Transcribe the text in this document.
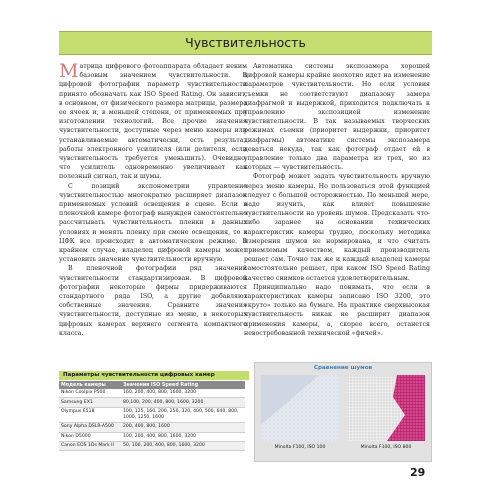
Чувствительность

Матрица цифрового фотоаппарата обладает неким базовым значением чувствительности. В цифровой фотографии параметр чувствительности принято обозначать как ISO Speed Rating. Он зависит, в основном, от физического размера матрицы, размера ее ячеек и, в меньшей степени, от применяемых при изготовлении технологий. Все прочие значения чувствительности, доступные через меню камеры или устанавливаемые автоматически, есть результат работы электронного усилителя (или делителя, если чувствительность требуется уменьшить). Очевидно, что усилитель одновременно увеличивает как полезный сигнал, так и шумы.

С позиций экспонометрии управление чувствительностью многократно расширяет диапазон применяемых условий освещения в сцене. Если в пленочной камере фотограф вынужден самостоятельно рассчитывать чувствительность пленки в данных условиях и менять пленку при смене освещения, то в ЦФК все происходит в автоматическом режиме. В крайнем случае, владелец цифровой камеры может установить значение чувствительности вручную.

В пленочной фотографии ряд значений чувствительности стандартизирован. В цифровой фотографии некоторые фирмы придерживаются стандартного ряда ISO, а другие добавляют собственные значения. Сравните значения чувствительности, доступные из меню, в некоторых цифровых камерах верхнего сегмента компактного класса.

Автоматика системы экспозамера хорошей цифровой камеры крайне неохотно идет на изменение параметров чувствительности. Но если условия съемки не соответствуют диапазону замера диафрагмой и выдержкой, приходится подключать к управлению экспозицией изменение чувствительности. В так называемых творческих режимах съемки (приоритет выдержки, приоритет диафрагмы) автоматике системы экспозамера деваться некуда, так как фотограф отдает ей в управление только два параметра из трех, но из которых — чувствительность.

Фотограф может задать чувствительность вручную через меню камеры. Но пользоваться этой функцией следует с большой осторожностью. По меньшей мере, надо изучить, как влияет повышение чувствительности на уровень шумов. Предсказать что-либо заранее на основании технических характеристик камеры трудно, поскольку методика измерения шумов не нормирована, и что считать приемлемым качеством, каждый производитель решает сам. Точно так же и каждый владелец камеры самостоятельно решает, при каком ISO Speed Rating качество снимков остается удовлетворительным.

Принципиально надо понимать, что если в характеристиках камеры записано ISO 3200, это «круто» только на бумаге. На практике сверхвысокая чувствительность никак не расширит диапазон применения камеры, а, скорее всего, останется невостребованной технической «фичей».

Параметры чувствительности цифровых камер
Модель камеры	Значения ISO Speed Rating
Nikon Coolpix P500	160, 200, 400, 800, 1600, 3200
Samsung EX1	80,100, 200, 400, 800, 1600, 3200
Olympus E518	100, 125, 160, 200, 250, 320, 400, 500, 640, 800, 1000, 1250, 1600
Sony Alpha DSLR-A500	200, 400, 800, 1600
Nikon D5000	100, 200, 400, 800, 1600, 3200
Canon EOS 1Ds Mark II	50, 100, 200, 400, 800, 1600, 3200
Сравнение шумов
Minolta F100, ISO 100	Minolta F100, ISO 800
29
